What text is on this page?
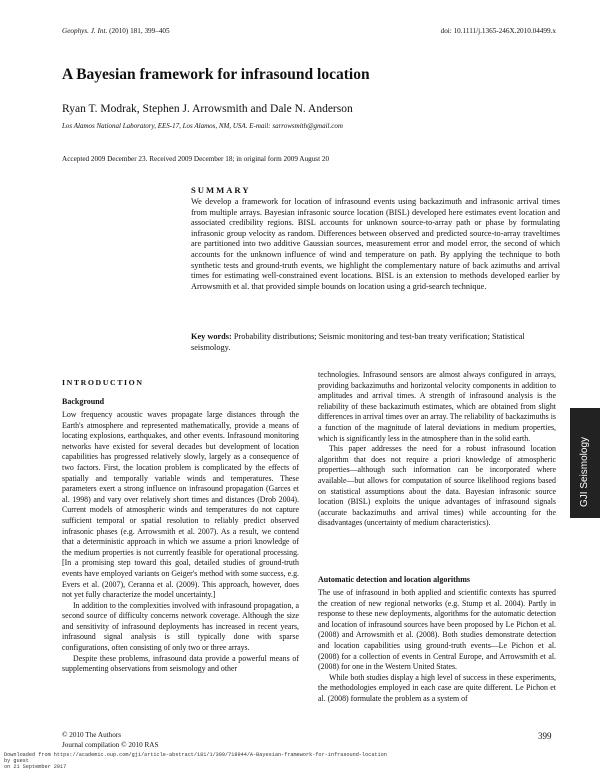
Geophys. J. Int. (2010) 181, 399–405	doi: 10.1111/j.1365-246X.2010.04499.x
A Bayesian framework for infrasound location
Ryan T. Modrak, Stephen J. Arrowsmith and Dale N. Anderson
Los Alamos National Laboratory, EES-17, Los Alamos, NM, USA. E-mail: sarrowsmith@gmail.com
Accepted 2009 December 23. Received 2009 December 18; in original form 2009 August 20
SUMMARY
We develop a framework for location of infrasound events using backazimuth and infrasonic arrival times from multiple arrays. Bayesian infrasonic source location (BISL) developed here estimates event location and associated credibility regions. BISL accounts for unknown source-to-array path or phase by formulating infrasonic group velocity as random. Differences between observed and predicted source-to-array traveltimes are partitioned into two additive Gaussian sources, measurement error and model error, the second of which accounts for the unknown influence of wind and temperature on path. By applying the technique to both synthetic tests and ground-truth events, we highlight the complementary nature of back azimuths and arrival times for estimating well-constrained event locations. BISL is an extension to methods developed earlier by Arrowsmith et al. that provided simple bounds on location using a grid-search technique.
Key words: Probability distributions; Seismic monitoring and test-ban treaty verification; Statistical seismology.
INTRODUCTION
Background

Low frequency acoustic waves propagate large distances through the Earth's atmosphere and represented mathematically, provide a means of locating explosions, earthquakes, and other events. Infrasound monitoring networks have existed for several decades but development of location capabilities has progressed relatively slowly, largely as a consequence of two factors. First, the location problem is complicated by the effects of spatially and temporally variable winds and temperatures. These parameters exert a strong influence on infrasound propagation (Garces et al. 1998) and vary over relatively short times and distances (Drob 2004). Current models of atmospheric winds and temperatures do not capture sufficient temporal or spatial resolution to reliably predict observed infrasonic phases (e.g. Arrowsmith et al. 2007). As a result, we contend that a deterministic approach in which we assume a priori knowledge of the medium properties is not currently feasible for operational processing. [In a promising step toward this goal, detailed studies of ground-truth events have employed variants on Geiger's method with some success, e.g. Evers et al. (2007), Ceranna et al. (2009). This approach, however, does not yet fully characterize the model uncertainty.]

In addition to the complexities involved with infrasound propagation, a second source of difficulty concerns network coverage. Although the size and sensitivity of infrasound deployments has increased in recent years, infrasound signal analysis is still typically done with sparse configurations, often consisting of only two or three arrays.

Despite these problems, infrasound data provide a powerful means of supplementing observations from seismology and other

technologies. Infrasound sensors are almost always configured in arrays, providing backazimuths and horizontal velocity components in addition to amplitudes and arrival times. A strength of infrasound analysis is the reliability of these backazimuth estimates, which are obtained from slight differences in arrival times over an array. The reliability of backazimuths is a function of the magnitude of lateral deviations in medium properties, which is significantly less in the atmosphere than in the solid earth.

This paper addresses the need for a robust infrasound location algorithm that does not require a priori knowledge of atmospheric properties—although such information can be incorporated where available—but allows for computation of source likelihood regions based on statistical assumptions about the data. Bayesian infrasonic source location (BISL) exploits the unique advantages of infrasound signals (accurate backazimuths and arrival times) while accounting for the disadvantages (uncertainty of medium characteristics).

Automatic detection and location algorithms

The use of infrasound in both applied and scientific contexts has spurred the creation of new regional networks (e.g. Stump et al. 2004). Partly in response to these new deployments, algorithms for the automatic detection and location of infrasound sources have been proposed by Le Pichon et al. (2008) and Arrowsmith et al. (2008). Both studies demonstrate detection and location capabilities using ground-truth events—Le Pichon et al. (2008) for a collection of events in Central Europe, and Arrowsmith et al. (2008) for one in the Western United States.

While both studies display a high level of success in these experiments, the methodologies employed in each case are quite different. Le Pichon et al. (2008) formulate the problem as a system of

GJI Seismology
© 2010 The Authors
Journal compilation © 2010 RAS
399
Downloaded from https://academic.oup.com/gji/article-abstract/181/1/399/718944/A-Bayesian-framework-for-infrasound-location
by guest
on 21 September 2017
